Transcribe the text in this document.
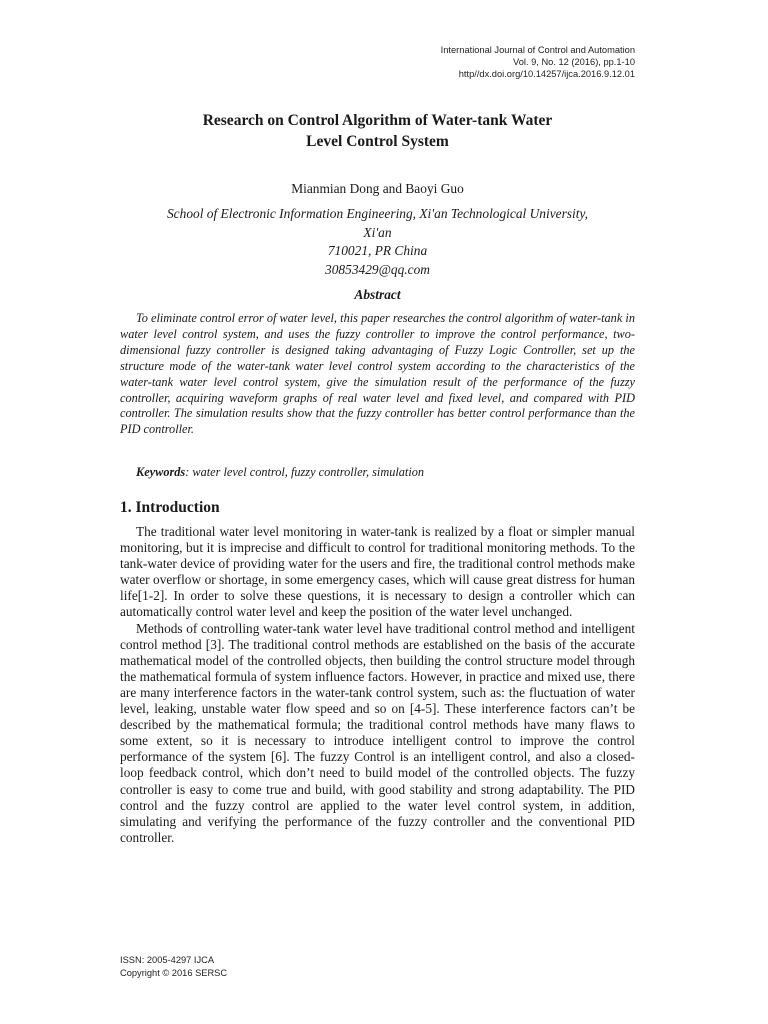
International Journal of Control and Automation
Vol. 9, No. 12 (2016), pp.1-10
http//dx.doi.org/10.14257/ijca.2016.9.12.01
Research on Control Algorithm of Water-tank Water
Level Control System
Mianmian Dong and Baoyi Guo
School of Electronic Information Engineering, Xi'an Technological University,
Xi'an
710021, PR China
30853429@qq.com
Abstract

To eliminate control error of water level, this paper researches the control algorithm of water-tank in water level control system, and uses the fuzzy controller to improve the control performance, two-dimensional fuzzy controller is designed taking advantaging of Fuzzy Logic Controller, set up the structure mode of the water-tank water level control system according to the characteristics of the water-tank water level control system, give the simulation result of the performance of the fuzzy controller, acquiring waveform graphs of real water level and fixed level, and compared with PID controller. The simulation results show that the fuzzy controller has better control performance than the PID controller.

Keywords: water level control, fuzzy controller, simulation
1. Introduction

The traditional water level monitoring in water-tank is realized by a float or simpler manual monitoring, but it is imprecise and difficult to control for traditional monitoring methods. To the tank-water device of providing water for the users and fire, the traditional control methods make water overflow or shortage, in some emergency cases, which will cause great distress for human life[1-2]. In order to solve these questions, it is necessary to design a controller which can automatically control water level and keep the position of the water level unchanged.

Methods of controlling water-tank water level have traditional control method and intelligent control method [3]. The traditional control methods are established on the basis of the accurate mathematical model of the controlled objects, then building the control structure model through the mathematical formula of system influence factors. However, in practice and mixed use, there are many interference factors in the water-tank control system, such as: the fluctuation of water level, leaking, unstable water flow speed and so on [4-5]. These interference factors can’t be described by the mathematical formula; the traditional control methods have many flaws to some extent, so it is necessary to introduce intelligent control to improve the control performance of the system [6]. The fuzzy Control is an intelligent control, and also a closed-loop feedback control, which don’t need to build model of the controlled objects. The fuzzy controller is easy to come true and build, with good stability and strong adaptability. The PID control and the fuzzy control are applied to the water level control system, in addition, simulating and verifying the performance of the fuzzy controller and the conventional PID controller.

ISSN: 2005-4297 IJCA
Copyright © 2016 SERSC
